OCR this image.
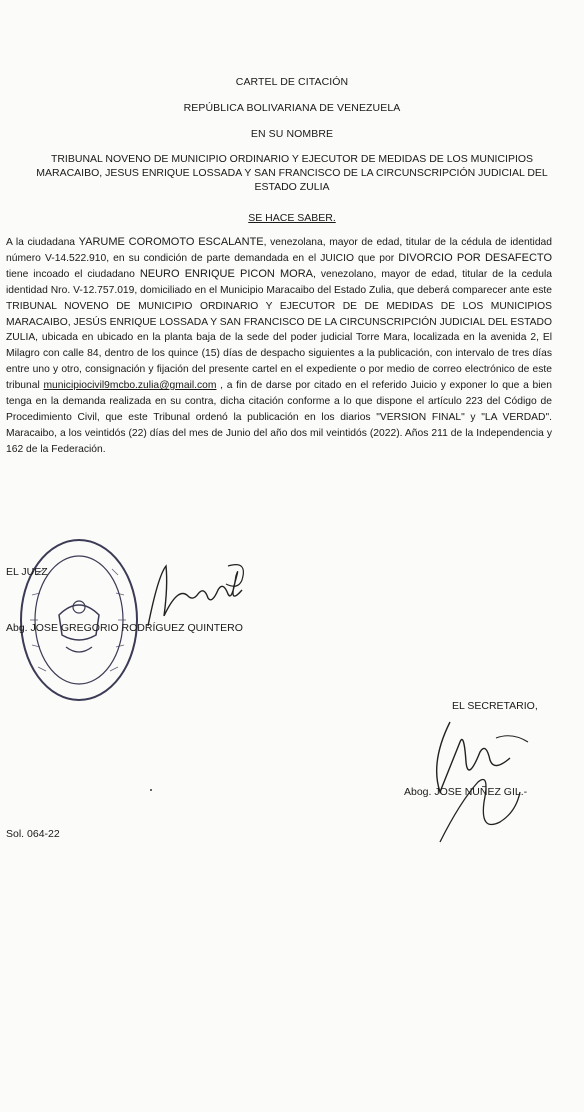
CARTEL DE CITACIÓN
REPÚBLICA BOLIVARIANA DE VENEZUELA
EN SU NOMBRE
TRIBUNAL NOVENO DE MUNICIPIO ORDINARIO Y EJECUTOR DE MEDIDAS DE LOS MUNICIPIOS MARACAIBO, JESUS ENRIQUE LOSSADA Y SAN FRANCISCO DE LA CIRCUNSCRIPCIÓN JUDICIAL DEL ESTADO ZULIA
SE HACE SABER.
A la ciudadana YARUME COROMOTO ESCALANTE, venezolana, mayor de edad, titular de la cédula de identidad número V-14.522.910, en su condición de parte demandada en el JUICIO que por DIVORCIO POR DESAFECTO tiene incoado el ciudadano NEURO ENRIQUE PICON MORA, venezolano, mayor de edad, titular de la cedula identidad Nro. V-12.757.019, domiciliado en el Municipio Maracaibo del Estado Zulia, que deberá comparecer ante este TRIBUNAL NOVENO DE MUNICIPIO ORDINARIO Y EJECUTOR DE DE MEDIDAS DE LOS MUNICIPIOS MARACAIBO, JESÚS ENRIQUE LOSSADA Y SAN FRANCISCO DE LA CIRCUNSCRIPCIÓN JUDICIAL DEL ESTADO ZULIA, ubicada en ubicado en la planta baja de la sede del poder judicial Torre Mara, localizada en la avenida 2, El Milagro con calle 84, dentro de los quince (15) días de despacho siguientes a la publicación, con intervalo de tres días entre uno y otro, consignación y fijación del presente cartel en el expediente o por medio de correo electrónico de este tribunal municipiocivil9mcbo.zulia@gmail.com , a fin de darse por citado en el referido Juicio y exponer lo que a bien tenga en la demanda realizada en su contra, dicha citación conforme a lo que dispone el artículo 223 del Código de Procedimiento Civil, que este Tribunal ordenó la publicación en los diarios "VERSION FINAL" y "LA VERDAD". Maracaibo, a los veintidós (22) días del mes de Junio del año dos mil veintidós (2022). Años 211 de la Independencia y 162 de la Federación.
EL JUEZ
Abg. JOSE GREGORIO RODRÍGUEZ QUINTERO
EL SECRETARIO,
Abog. JOSE NUÑEZ GIL.-
Sol. 064-22
